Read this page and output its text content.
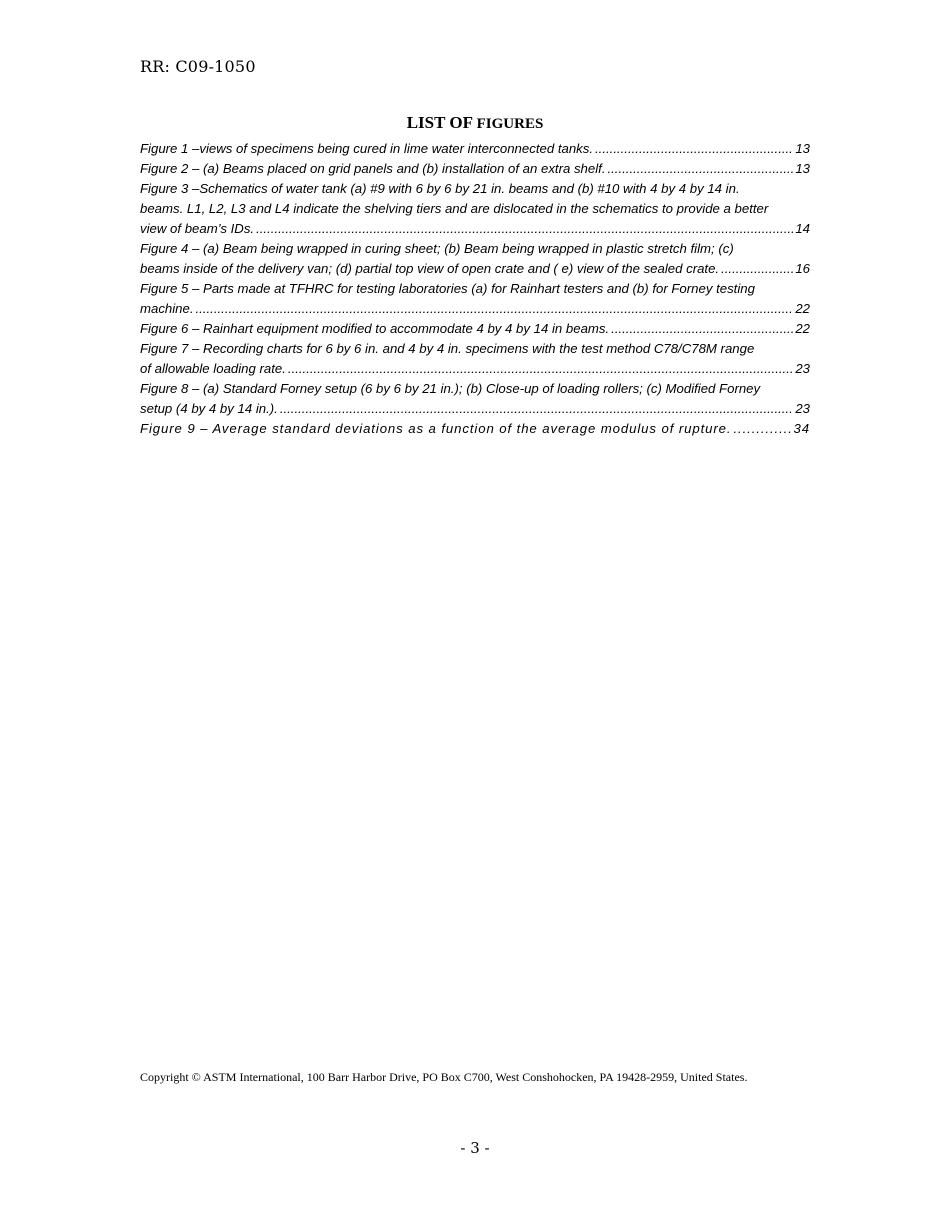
RR: C09-1050
LIST OF FIGURES
Figure 1 –views of specimens being cured in lime water interconnected tanks. .....	13
Figure 2 – (a) Beams placed on grid panels and (b) installation of an extra shelf. .....	13
Figure 3 –Schematics of water tank (a) #9 with 6 by 6 by 21 in. beams and (b) #10 with 4 by 4 by 14 in.
beams. L1, L2, L3 and L4 indicate the shelving tiers and are dislocated in the schematics to provide a better
view of beam’s IDs. .....	14
Figure 4 – (a) Beam being wrapped in curing sheet; (b) Beam being wrapped in plastic stretch film; (c)
beams inside of the delivery van; (d) partial top view of open crate and ( e) view of the sealed crate. .....	16
Figure 5 – Parts made at TFHRC for testing laboratories (a) for Rainhart testers and (b) for Forney testing
machine. .....	22
Figure 6 – Rainhart equipment modified to accommodate 4 by 4 by 14 in beams. .....	22
Figure 7 – Recording charts for 6 by 6 in. and 4 by 4 in. specimens with the test method C78/C78M range
of allowable loading rate. .....	23
Figure 8 – (a) Standard Forney setup (6 by 6 by 21 in.); (b) Close-up of loading rollers; (c) Modified Forney
setup (4 by 4 by 14 in.). .....	23
Figure 9 – Average standard deviations as a function of the average modulus of rupture. .....	34
Copyright © ASTM International, 100 Barr Harbor Drive, PO Box C700, West Conshohocken, PA 19428-2959, United States.
- 3 -
